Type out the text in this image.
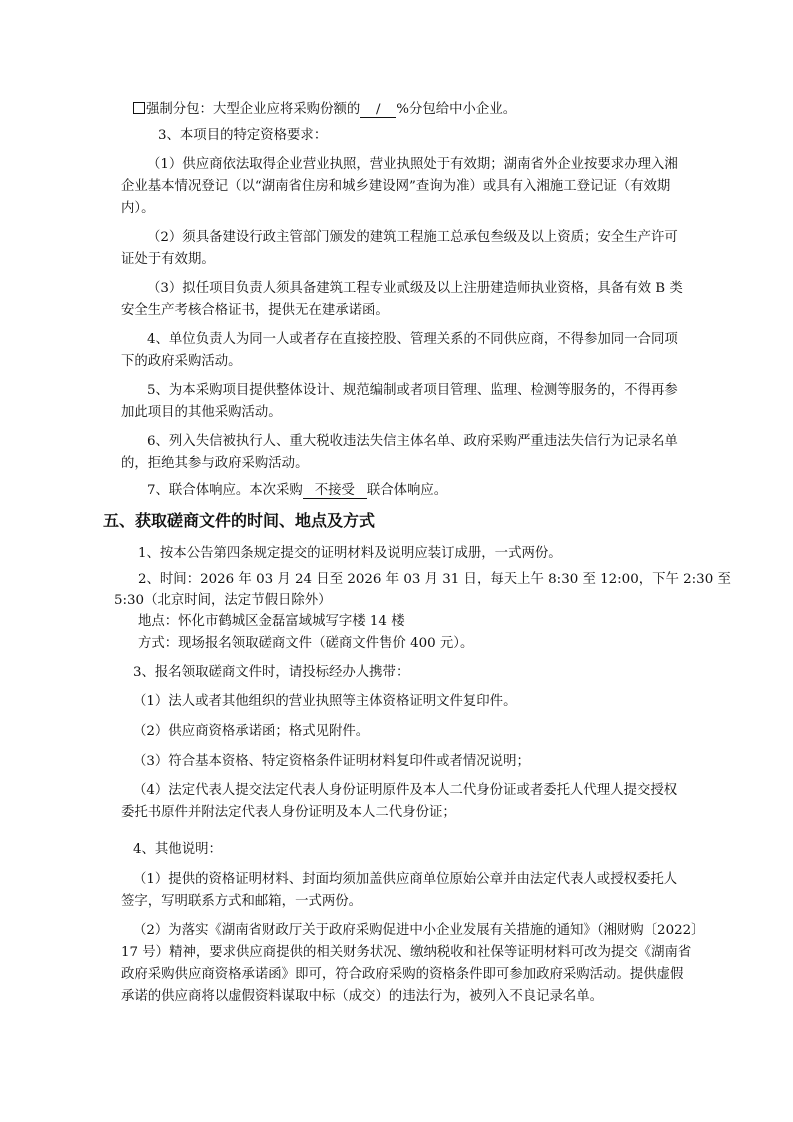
强制分包：大型企业应将采购份额的 / %分包给中小企业。
3、本项目的特定资格要求：
（1）供应商依法取得企业营业执照，营业执照处于有效期；湖南省外企业按要求办理入湘
企业基本情况登记（以“湖南省住房和城乡建设网”查询为准）或具有入湘施工登记证（有效期
内）。
（2）须具备建设行政主管部门颁发的建筑工程施工总承包叁级及以上资质；安全生产许可
证处于有效期。
（3）拟任项目负责人须具备建筑工程专业贰级及以上注册建造师执业资格，具备有效 B 类
安全生产考核合格证书，提供无在建承诺函。
4、单位负责人为同一人或者存在直接控股、管理关系的不同供应商，不得参加同一合同项
下的政府采购活动。
5、为本采购项目提供整体设计、规范编制或者项目管理、监理、检测等服务的，不得再参
加此项目的其他采购活动。
6、列入失信被执行人、重大税收违法失信主体名单、政府采购严重违法失信行为记录名单
的，拒绝其参与政府采购活动。
7、联合体响应。本次采购 不接受 联合体响应。
五、获取磋商文件的时间、地点及方式
1、按本公告第四条规定提交的证明材料及说明应装订成册，一式两份。
2、时间：2026 年 03 月 24 日至 2026 年 03 月 31 日，每天上午 8:30 至 12:00，下午 2:30 至
5:30（北京时间，法定节假日除外）
地点：怀化市鹤城区金磊富域城写字楼 14 楼
方式：现场报名领取磋商文件（磋商文件售价 400 元）。
3、报名领取磋商文件时，请投标经办人携带：
（1）法人或者其他组织的营业执照等主体资格证明文件复印件。
（2）供应商资格承诺函；格式见附件。
（3）符合基本资格、特定资格条件证明材料复印件或者情况说明；
（4）法定代表人提交法定代表人身份证明原件及本人二代身份证或者委托人代理人提交授权
委托书原件并附法定代表人身份证明及本人二代身份证；
4、其他说明：
（1）提供的资格证明材料、封面均须加盖供应商单位原始公章并由法定代表人或授权委托人
签字，写明联系方式和邮箱，一式两份。
（2）为落实《湖南省财政厅关于政府采购促进中小企业发展有关措施的通知》（湘财购〔2022〕
17 号）精神，要求供应商提供的相关财务状况、缴纳税收和社保等证明材料可改为提交《湖南省
政府采购供应商资格承诺函》即可，符合政府采购的资格条件即可参加政府采购活动。提供虚假
承诺的供应商将以虚假资料谋取中标（成交）的违法行为，被列入不良记录名单。
